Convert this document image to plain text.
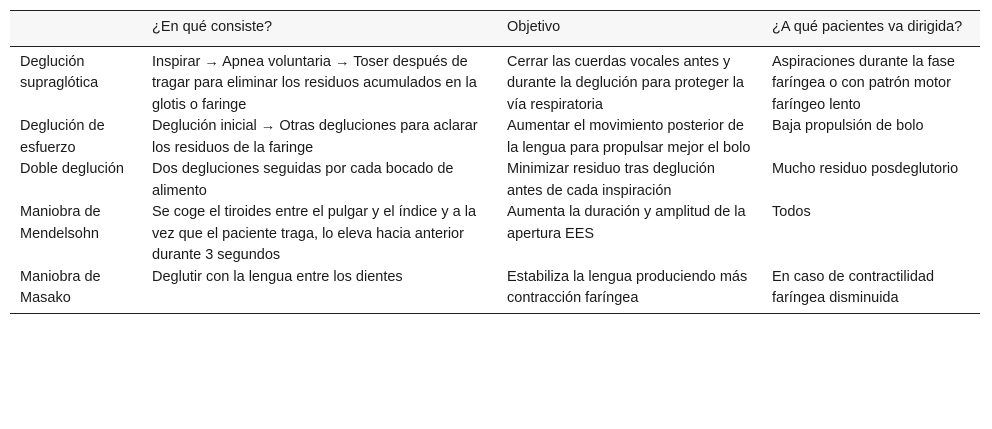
	¿En qué consiste?	Objetivo	¿A qué pacientes va dirigida?
Deglución supraglótica	Inspirar → Apnea voluntaria → Toser después de tragar para eliminar los residuos acumulados en la glotis o faringe	Cerrar las cuerdas vocales antes y durante la deglución para proteger la vía respiratoria	Aspiraciones durante la fase faríngea o con patrón motor faríngeo lento
Deglución de esfuerzo	Deglución inicial → Otras degluciones para aclarar los residuos de la faringe	Aumentar el movimiento posterior de la lengua para propulsar mejor el bolo	Baja propulsión de bolo
Doble deglución	Dos degluciones seguidas por cada bocado de alimento	Minimizar residuo tras deglución antes de cada inspiración	Mucho residuo posdeglutorio
Maniobra de Mendelsohn	Se coge el tiroides entre el pulgar y el índice y a la vez que el paciente traga, lo eleva hacia anterior durante 3 segundos	Aumenta la duración y amplitud de la apertura EES	Todos
Maniobra de Masako	Deglutir con la lengua entre los dientes	Estabiliza la lengua produciendo más contracción faríngea	En caso de contractilidad faríngea disminuida
